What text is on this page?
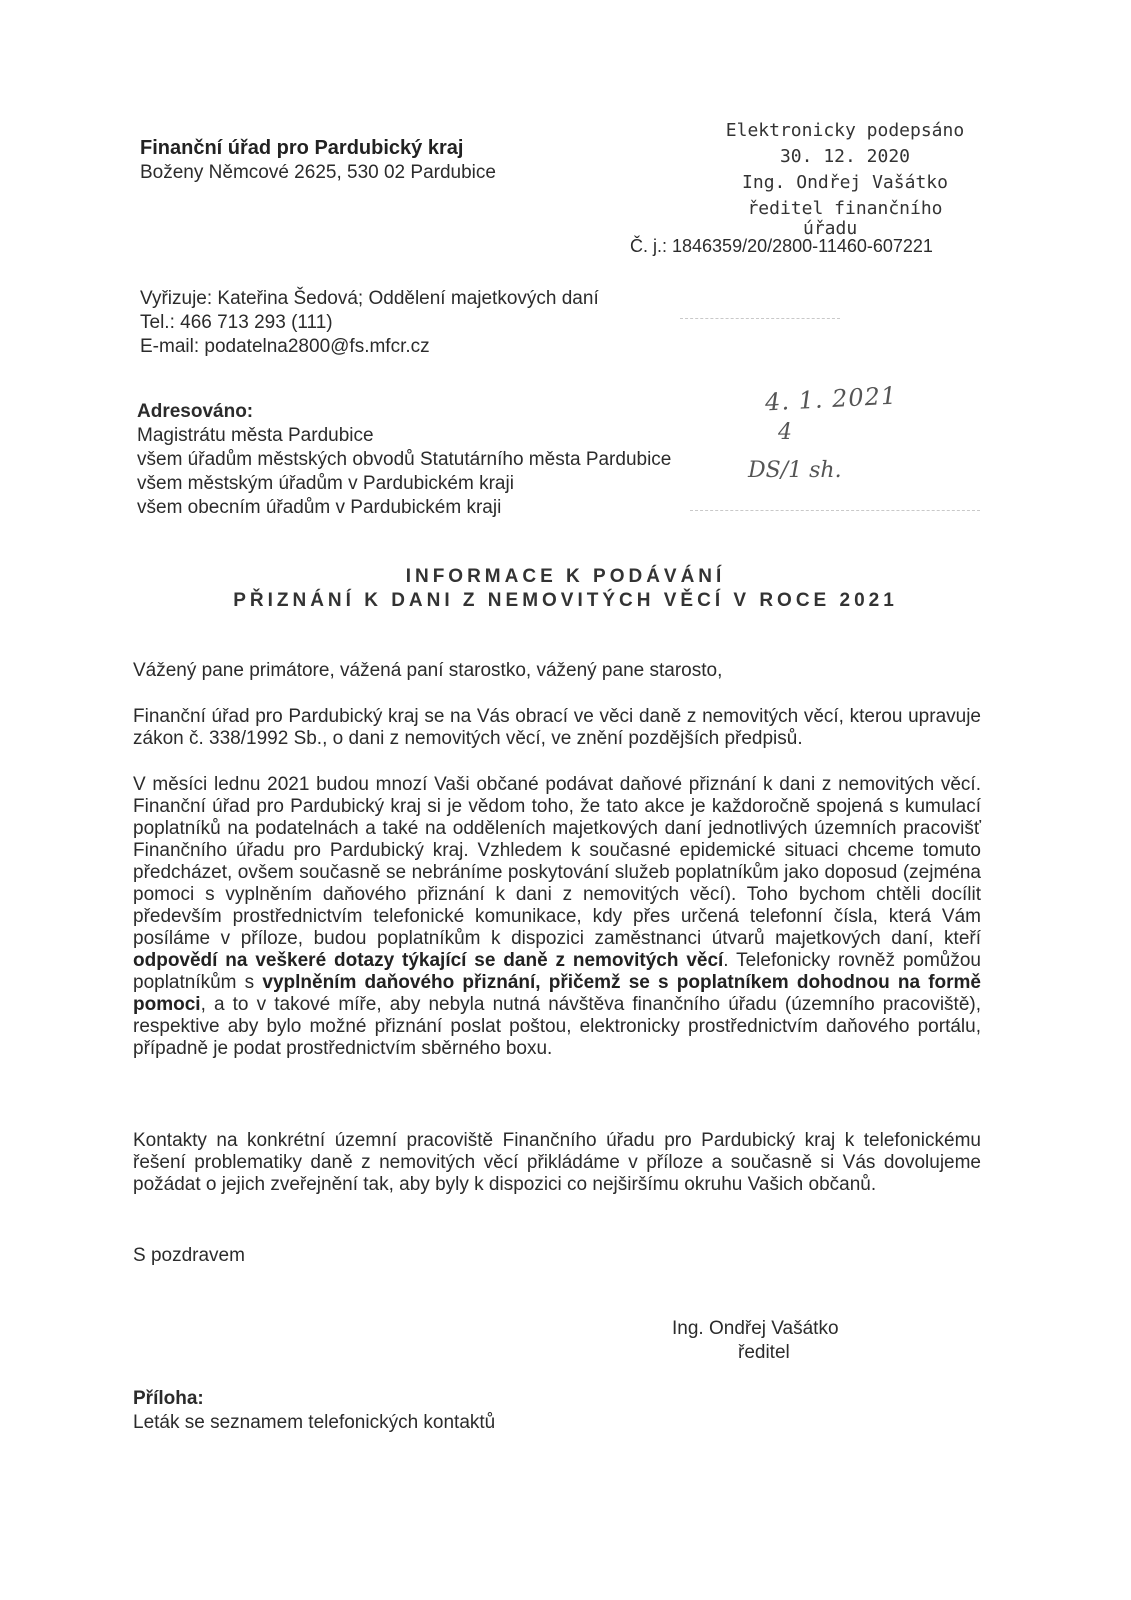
Finanční úřad pro Pardubický kraj
Boženy Němcové 2625, 530 02 Pardubice
Elektronicky podepsáno
30. 12. 2020
Ing. Ondřej Vašátko
ředitel finančního
úřadu
Č. j.: 1846359/20/2800-11460-607221
Vyřizuje: Kateřina Šedová; Oddělení majetkových daní
Tel.: 466 713 293 (111)
E-mail: podatelna2800@fs.mfcr.cz
Adresováno:
Magistrátu města Pardubice
všem úřadům městských obvodů Statutárního města Pardubice
všem městským úřadům v Pardubickém kraji
všem obecním úřadům v Pardubickém kraji
4. 1. 2021
4
DS/1 sh.
INFORMACE K PODÁVÁNÍ
PŘIZNÁNÍ K DANI Z NEMOVITÝCH VĚCÍ V ROCE 2021
Vážený pane primátore, vážená paní starostko, vážený pane starosto,
Finanční úřad pro Pardubický kraj se na Vás obrací ve věci daně z nemovitých věcí, kterou upravuje zákon č. 338/1992 Sb., o dani z nemovitých věcí, ve znění pozdějších předpisů.
V měsíci lednu 2021 budou mnozí Vaši občané podávat daňové přiznání k dani z nemovitých věcí. Finanční úřad pro Pardubický kraj si je vědom toho, že tato akce je každoročně spojená s kumulací poplatníků na podatelnách a také na odděleních majetkových daní jednotlivých územních pracovišť Finančního úřadu pro Pardubický kraj. Vzhledem k současné epidemické situaci chceme tomuto předcházet, ovšem současně se nebráníme poskytování služeb poplatníkům jako doposud (zejména pomoci s vyplněním daňového přiznání k dani z nemovitých věcí). Toho bychom chtěli docílit především prostřednictvím telefonické komunikace, kdy přes určená telefonní čísla, která Vám posíláme v příloze, budou poplatníkům k dispozici zaměstnanci útvarů majetkových daní, kteří odpovědí na veškeré dotazy týkající se daně z nemovitých věcí. Telefonicky rovněž pomůžou poplatníkům s vyplněním daňového přiznání, přičemž se s poplatníkem dohodnou na formě pomoci, a to v takové míře, aby nebyla nutná návštěva finančního úřadu (územního pracoviště), respektive aby bylo možné přiznání poslat poštou, elektronicky prostřednictvím daňového portálu, případně je podat prostřednictvím sběrného boxu.
Kontakty na konkrétní územní pracoviště Finančního úřadu pro Pardubický kraj k telefonickému řešení problematiky daně z nemovitých věcí přikládáme v příloze a současně si Vás dovolujeme požádat o jejich zveřejnění tak, aby byly k dispozici co nejširšímu okruhu Vašich občanů.
S pozdravem
Ing. Ondřej Vašátko
ředitel
Příloha:
Leták se seznamem telefonických kontaktů
